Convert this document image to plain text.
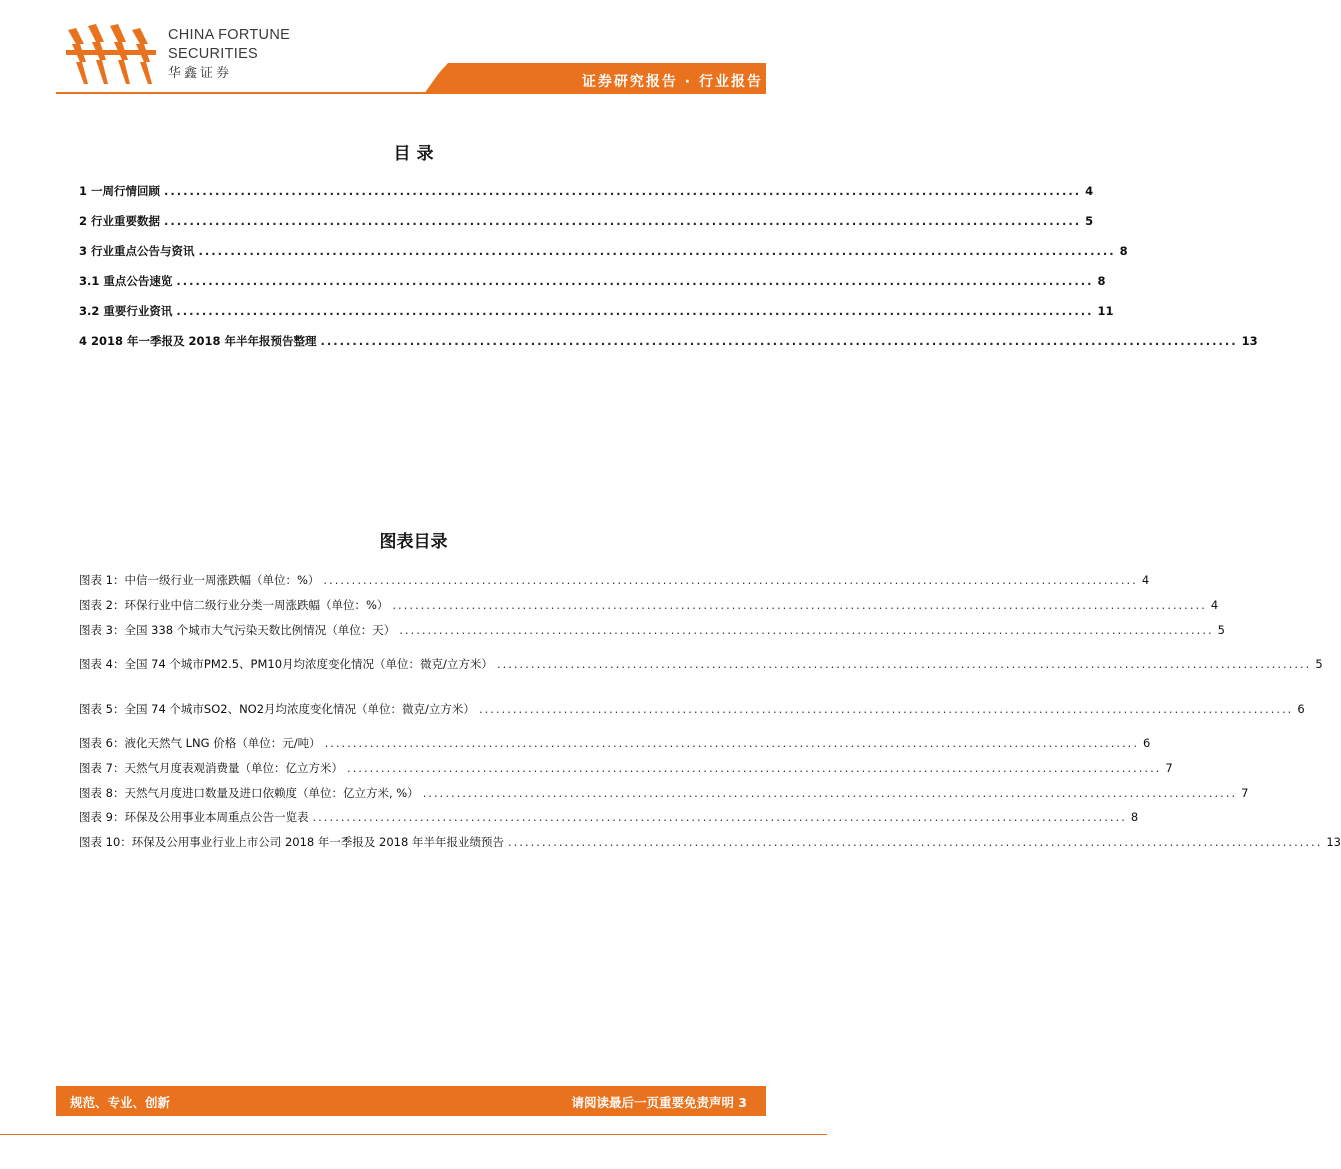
CHINA FORTUNE
SECURITIES
华鑫证券
证券研究报告 · 行业报告
目 录
1 一周行情回顾 ................................................................................................................................................ 4
2 行业重要数据 ................................................................................................................................................ 5
3 行业重点公告与资讯 ................................................................................................................................................ 8
3.1 重点公告速览 ................................................................................................................................................ 8
3.2 重要行业资讯 ................................................................................................................................................ 11
4 2018 年一季报及 2018 年半年报预告整理 ................................................................................................................................................ 13
图表目录
图表 1：中信一级行业一周涨跌幅（单位：%） ................................................................................................................................................ 4
图表 2：环保行业中信二级行业分类一周涨跌幅（单位：%） ................................................................................................................................................ 4
图表 3：全国 338 个城市大气污染天数比例情况（单位：天） ................................................................................................................................................ 5
图表 4：全国 74 个城市PM2.5、PM10月均浓度变化情况（单位：微克/立方米） ................................................................................................................................................ 5
图表 5：全国 74 个城市SO2、NO2月均浓度变化情况（单位：微克/立方米） ................................................................................................................................................ 6
图表 6：液化天然气 LNG 价格（单位：元/吨） ................................................................................................................................................ 6
图表 7：天然气月度表观消费量（单位：亿立方米） ................................................................................................................................................ 7
图表 8：天然气月度进口数量及进口依赖度（单位：亿立方米, %） ................................................................................................................................................ 7
图表 9：环保及公用事业本周重点公告一览表 ................................................................................................................................................ 8
图表 10：环保及公用事业行业上市公司 2018 年一季报及 2018 年半年报业绩预告 ................................................................................................................................................ 13
规范、专业、创新	请阅读最后一页重要免责声明 3
